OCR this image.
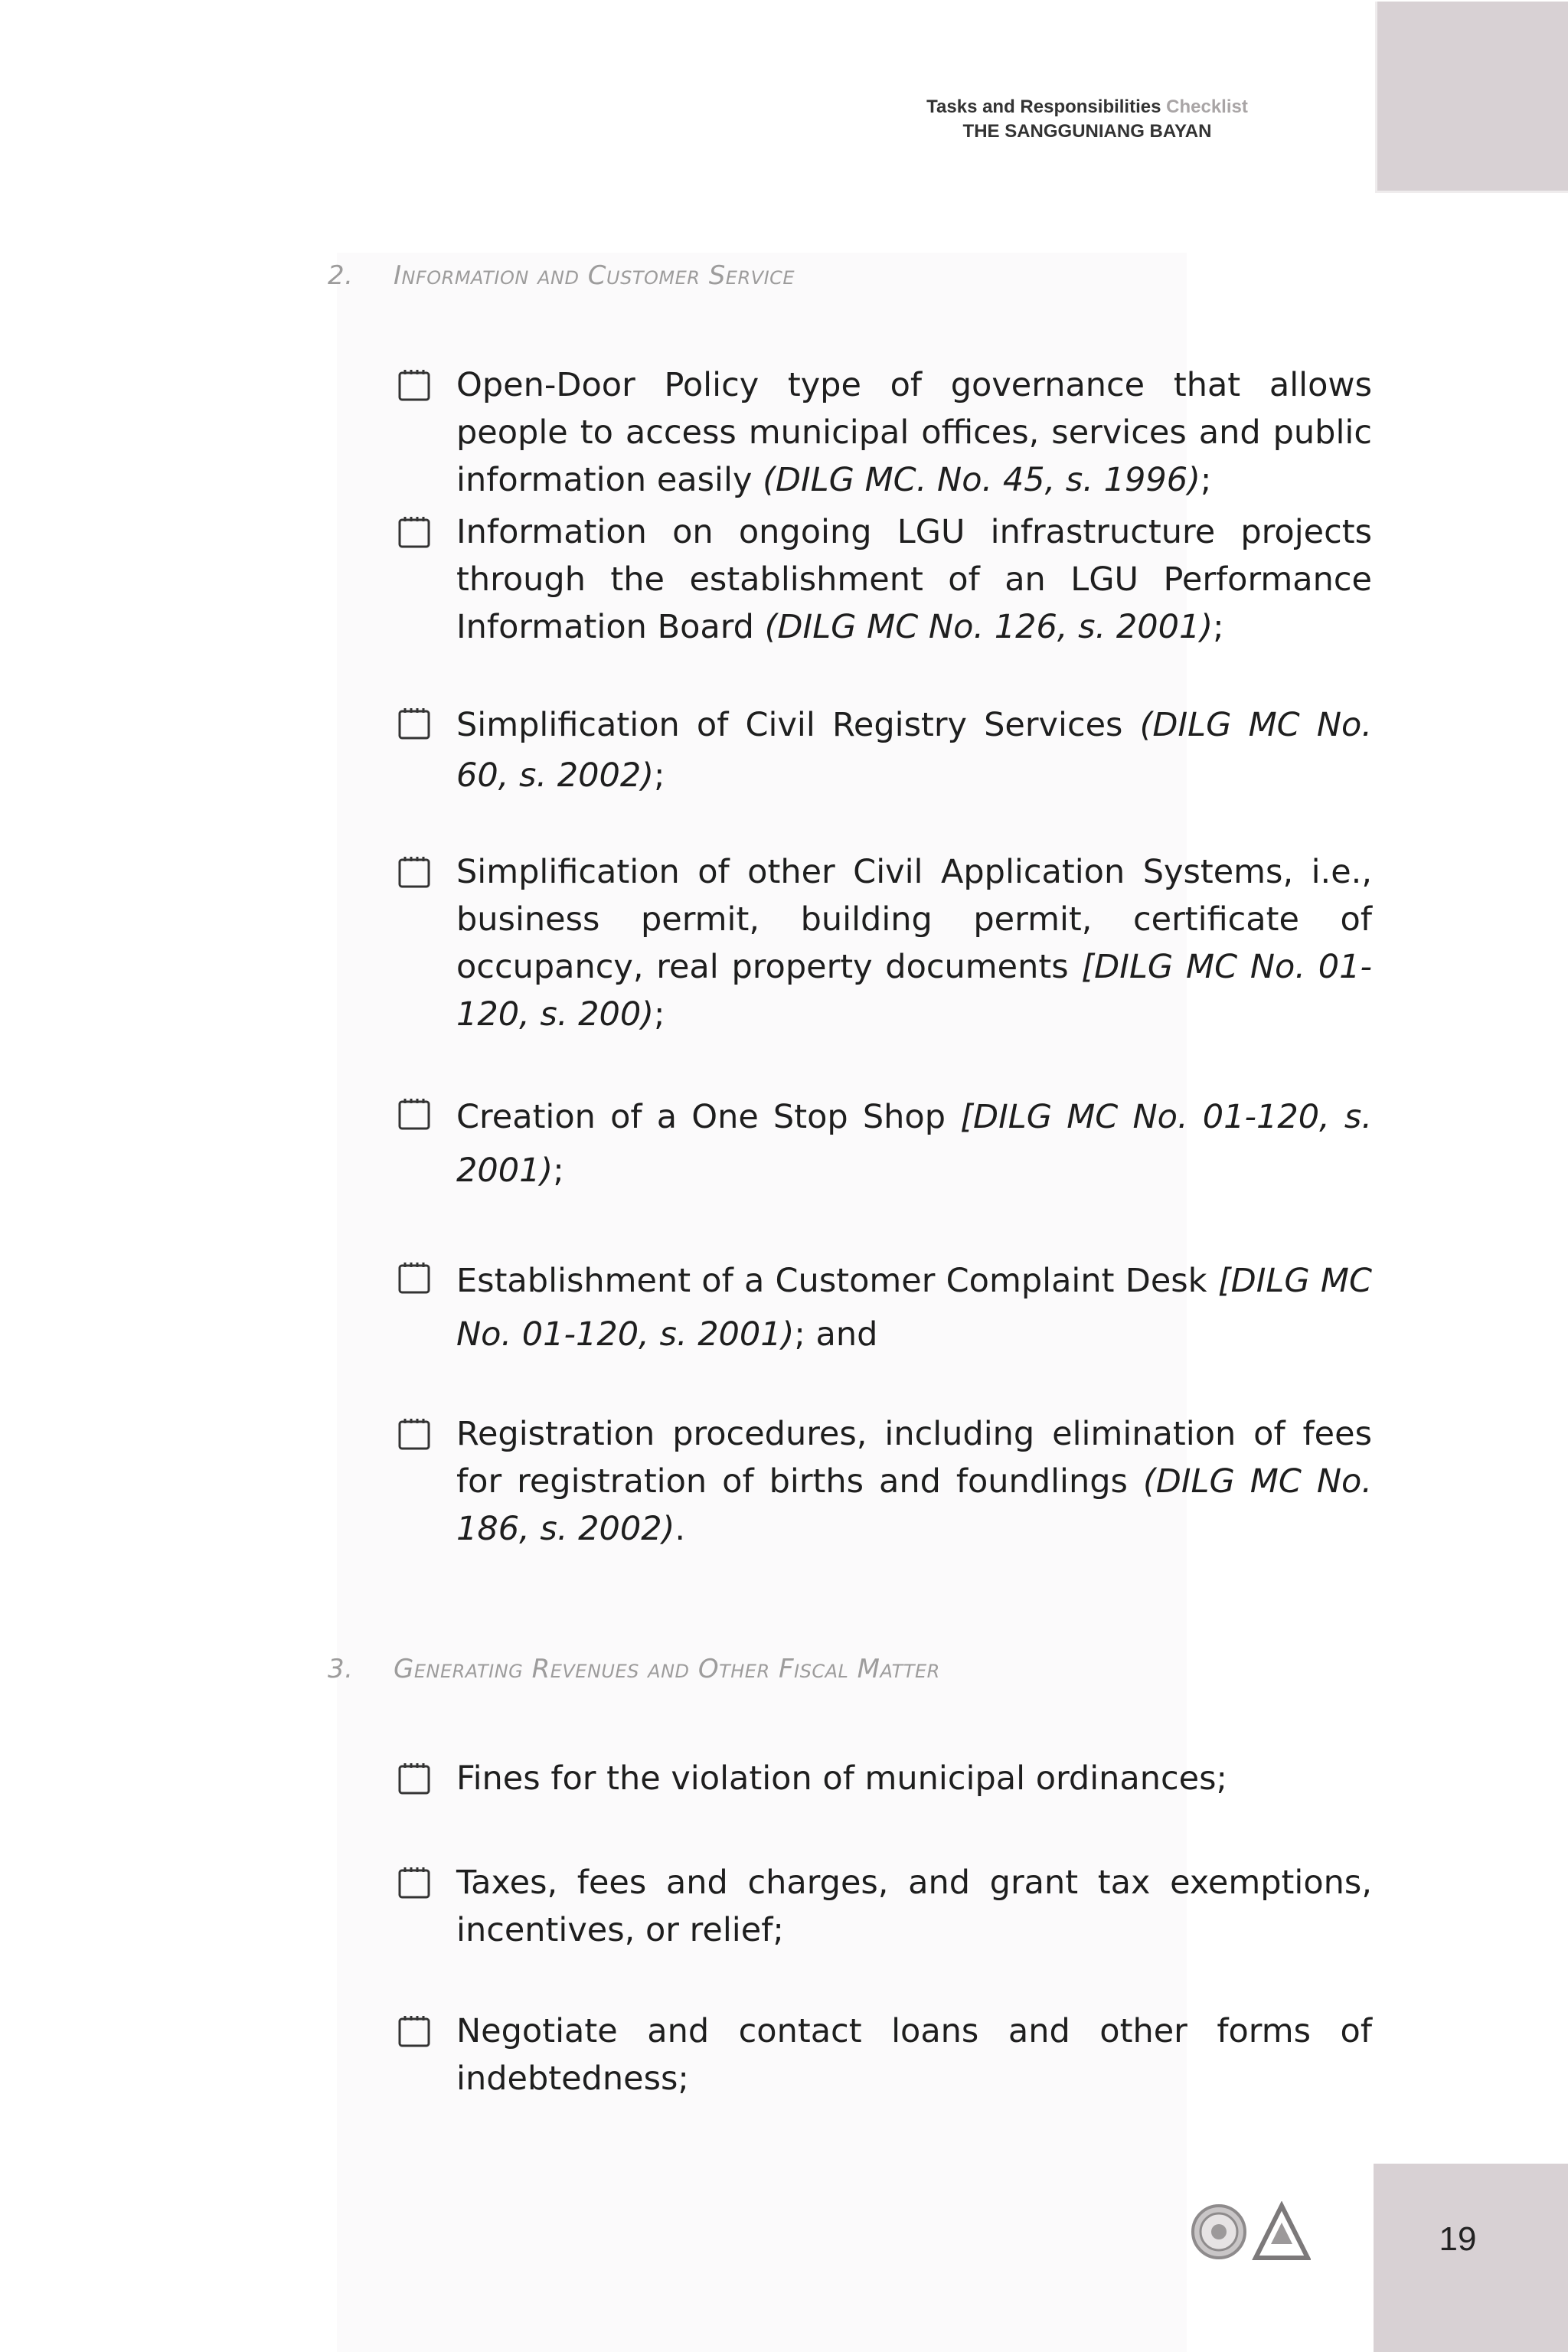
Tasks and Responsibilities Checklist
THE SANGGUNIANG BAYAN
2. Information and Customer Service
Open-Door Policy type of governance that allows people to access municipal offices, services and public information easily (DILG MC. No. 45, s. 1996);
Information on ongoing LGU infrastructure projects through the establishment of an LGU Performance Information Board (DILG MC No. 126, s. 2001);
Simplification of Civil Registry Services (DILG MC No. 60, s. 2002);
Simplification of other Civil Application Systems, i.e., business permit, building permit, certificate of occupancy, real property documents [DILG MC No. 01-120, s. 200);
Creation of a One Stop Shop [DILG MC No. 01-120, s. 2001);
Establishment of a Customer Complaint Desk [DILG MC No. 01-120, s. 2001); and
Registration procedures, including elimination of fees for registration of births and foundlings (DILG MC No. 186, s. 2002).
3. Generating Revenues and Other Fiscal Matter
Fines for the violation of municipal ordinances;
Taxes, fees and charges, and grant tax exemptions, incentives, or relief;
Negotiate and contact loans and other forms of indebtedness;
19
